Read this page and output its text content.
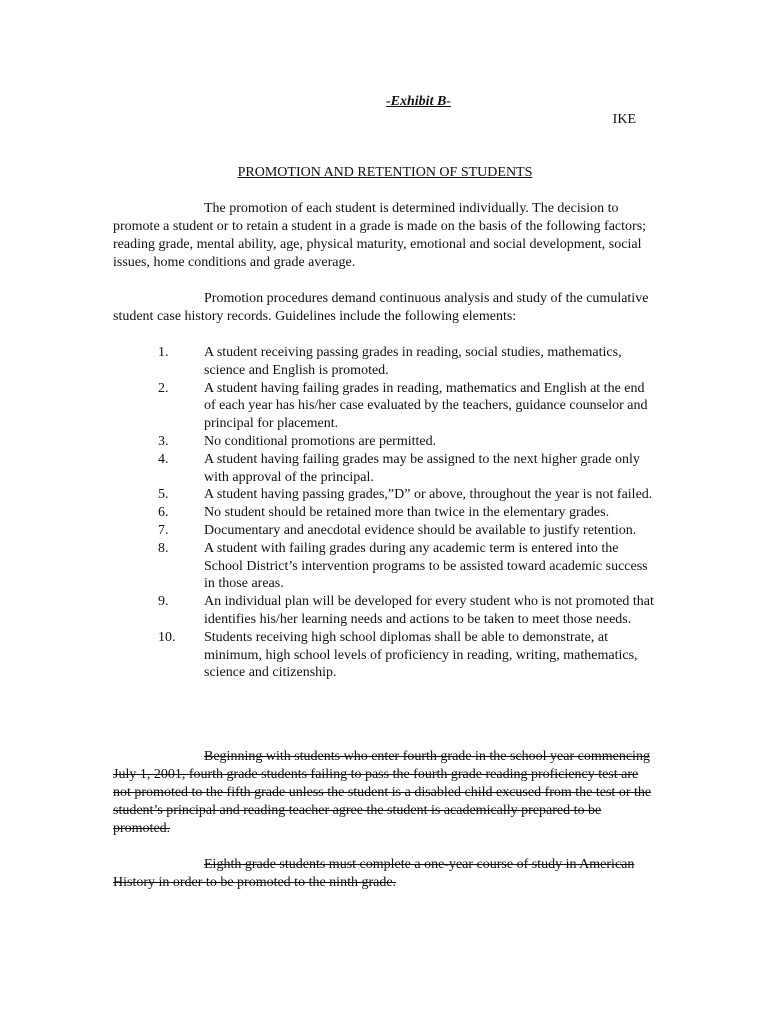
-Exhibit B-
IKE
PROMOTION AND RETENTION OF STUDENTS

The promotion of each student is determined individually. The decision to promote a student or to retain a student in a grade is made on the basis of the following factors; reading grade, mental ability, age, physical maturity, emotional and social development, social issues, home conditions and grade average.

Promotion procedures demand continuous analysis and study of the cumulative student case history records. Guidelines include the following elements:

1.	A student receiving passing grades in reading, social studies, mathematics, science and English is promoted.
2.	A student having failing grades in reading, mathematics and English at the end of each year has his/her case evaluated by the teachers, guidance counselor and principal for placement.
3.	No conditional promotions are permitted.
4.	A student having failing grades may be assigned to the next higher grade only with approval of the principal.
5.	A student having passing grades,”D” or above, throughout the year is not failed.
6.	No student should be retained more than twice in the elementary grades.
7.	Documentary and anecdotal evidence should be available to justify retention.
8.	A student with failing grades during any academic term is entered into the School District’s intervention programs to be assisted toward academic success in those areas.
9.	An individual plan will be developed for every student who is not promoted that identifies his/her learning needs and actions to be taken to meet those needs.
10.	Students receiving high school diplomas shall be able to demonstrate, at minimum, high school levels of proficiency in reading, writing, mathematics, science and citizenship.

Beginning with students who enter fourth grade in the school year commencing July 1, 2001, fourth grade students failing to pass the fourth grade reading proficiency test are not promoted to the fifth grade unless the student is a disabled child excused from the test or the student’s principal and reading teacher agree the student is academically prepared to be promoted.

Eighth grade students must complete a one-year course of study in American History in order to be promoted to the ninth grade.
